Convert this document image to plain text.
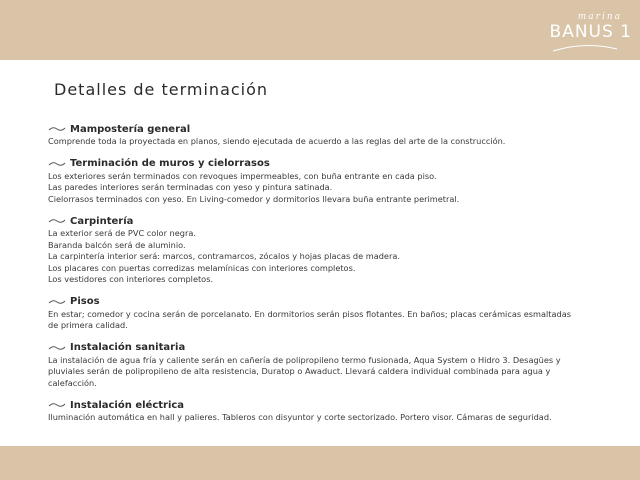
marina
BANUS 1
Detalles de terminación
Mampostería general

Comprende toda la proyectada en planos, siendo ejecutada de acuerdo a las reglas del arte de la construcción.

Terminación de muros y cielorrasos

Los exteriores serán terminados con revoques impermeables, con buña entrante en cada piso.

Las paredes interiores serán terminadas con yeso y pintura satinada.

Cielorrasos terminados con yeso. En Living-comedor y dormitorios llevara buña entrante perimetral.

Carpintería

La exterior será de PVC color negra.

Baranda balcón será de aluminio.

La carpintería interior será: marcos, contramarcos, zócalos y hojas placas de madera.

Los placares con puertas corredizas melamínicas con interiores completos.

Los vestidores con interiores completos.

Pisos

En estar; comedor y cocina serán de porcelanato. En dormitorios serán pisos flotantes. En baños; placas cerámicas esmaltadas

de primera calidad.

Instalación sanitaria

La instalación de agua fría y caliente serán en cañería de polipropileno termo fusionada, Aqua System o Hidro 3. Desagües y

pluviales serán de polipropileno de alta resistencia, Duratop o Awaduct. Llevará caldera individual combinada para agua y

calefacción.

Instalación eléctrica

Iluminación automática en hall y palieres. Tableros con disyuntor y corte sectorizado. Portero visor. Cámaras de seguridad.
